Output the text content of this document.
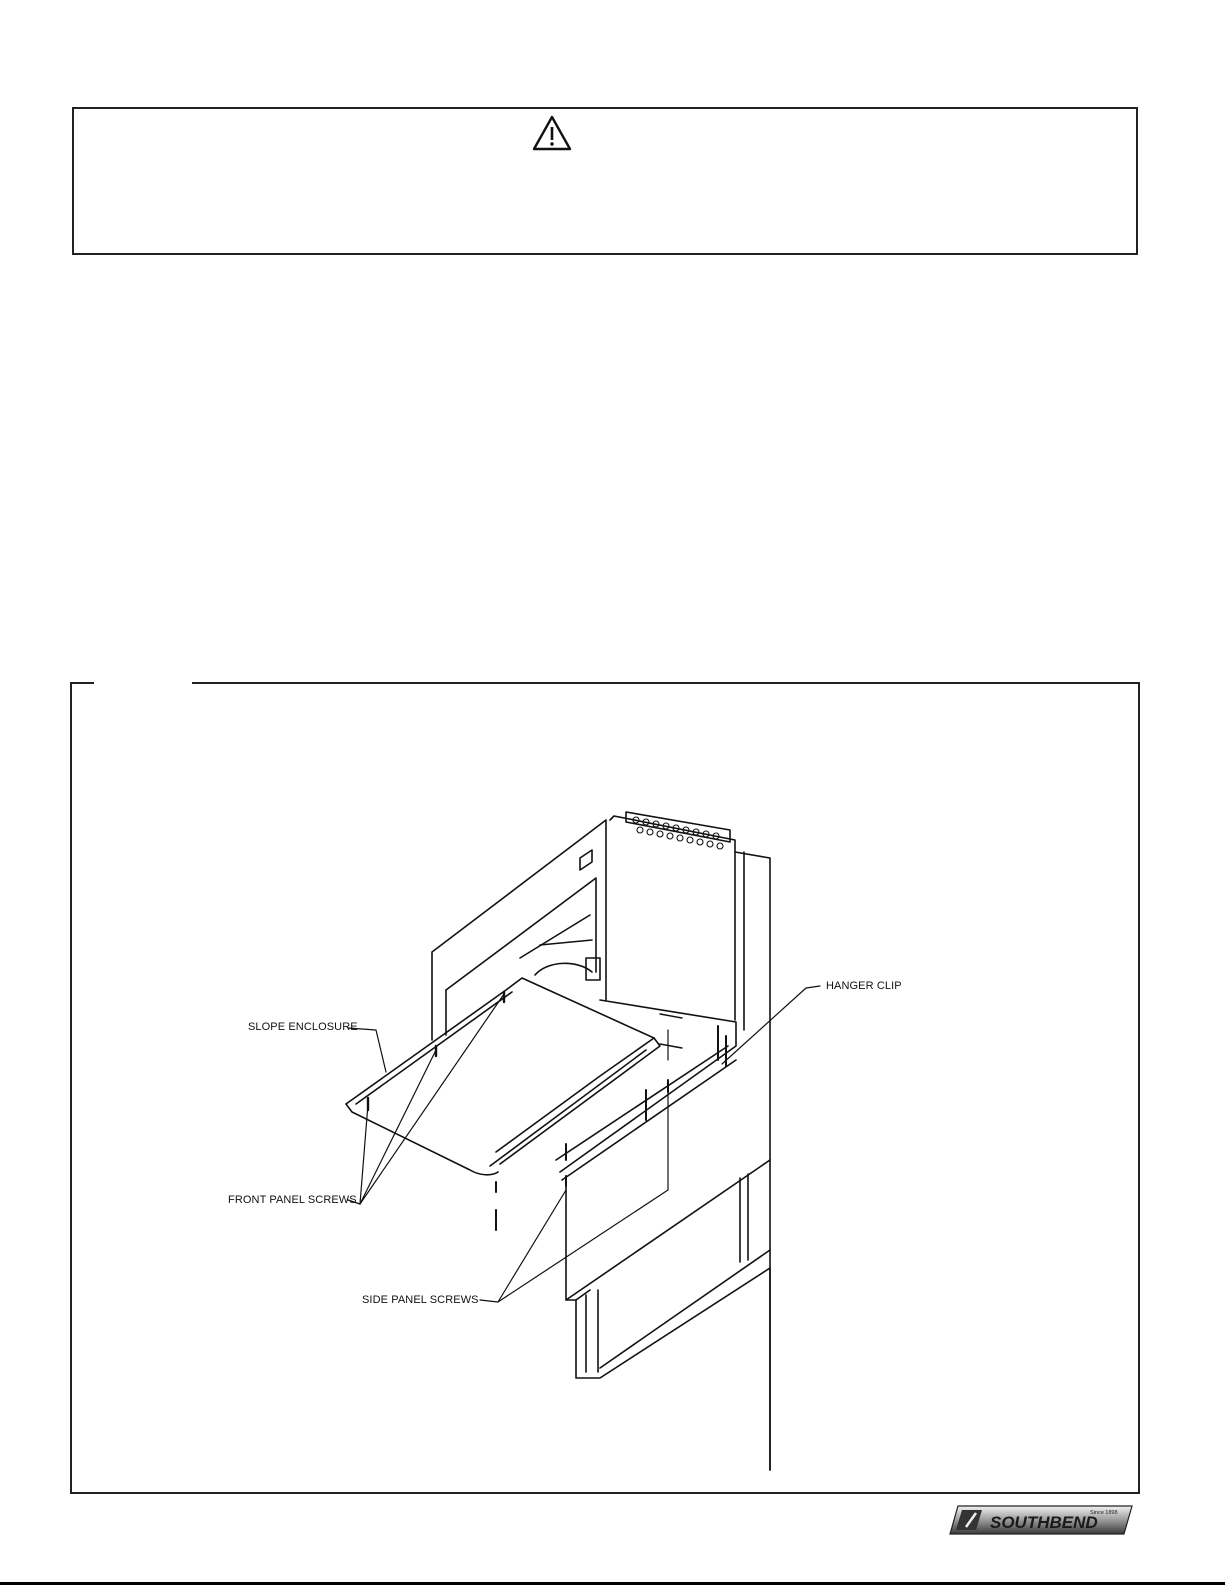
SLOPE ENCLOSURE
HANGER CLIP
FRONT PANEL SCREWS
SIDE PANEL SCREWS
SOUTHBEND
Since 1898
